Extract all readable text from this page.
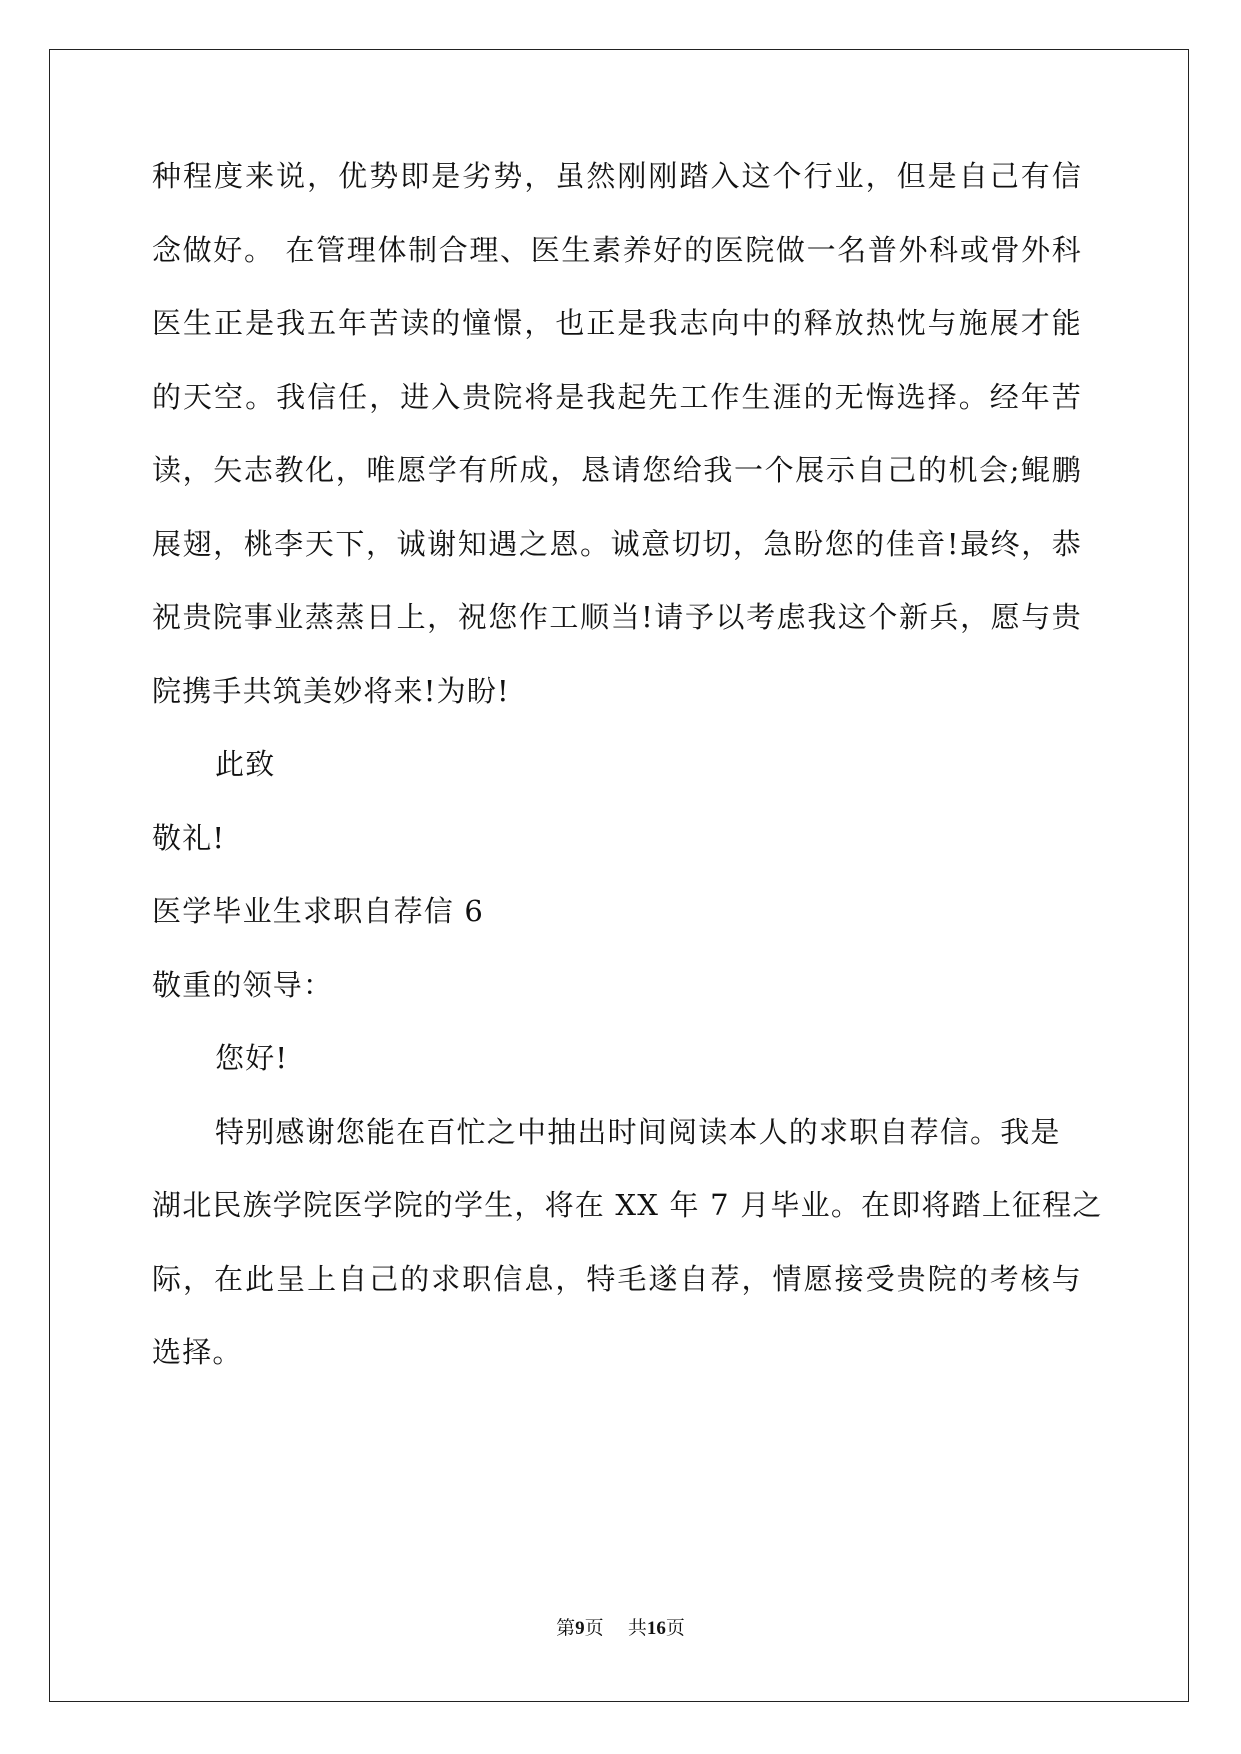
种程度来说，优势即是劣势，虽然刚刚踏入这个行业，但是自己有信
念做好。 在管理体制合理、医生素养好的医院做一名普外科或骨外科
医生正是我五年苦读的憧憬，也正是我志向中的释放热忱与施展才能
的天空。我信任，进入贵院将是我起先工作生涯的无悔选择。经年苦
读，矢志教化，唯愿学有所成，恳请您给我一个展示自己的机会;鲲鹏
展翅，桃李天下，诚谢知遇之恩。诚意切切，急盼您的佳音!最终，恭
祝贵院事业蒸蒸日上，祝您作工顺当!请予以考虑我这个新兵，愿与贵
院携手共筑美妙将来!为盼!
此致
敬礼!
医学毕业生求职自荐信 6
敬重的领导：
您好!
特别感谢您能在百忙之中抽出时间阅读本人的求职自荐信。我是
湖北民族学院医学院的学生，将在 XX 年 7 月毕业。在即将踏上征程之
际，在此呈上自己的求职信息，特毛遂自荐，情愿接受贵院的考核与
选择。
第9页 共16页
